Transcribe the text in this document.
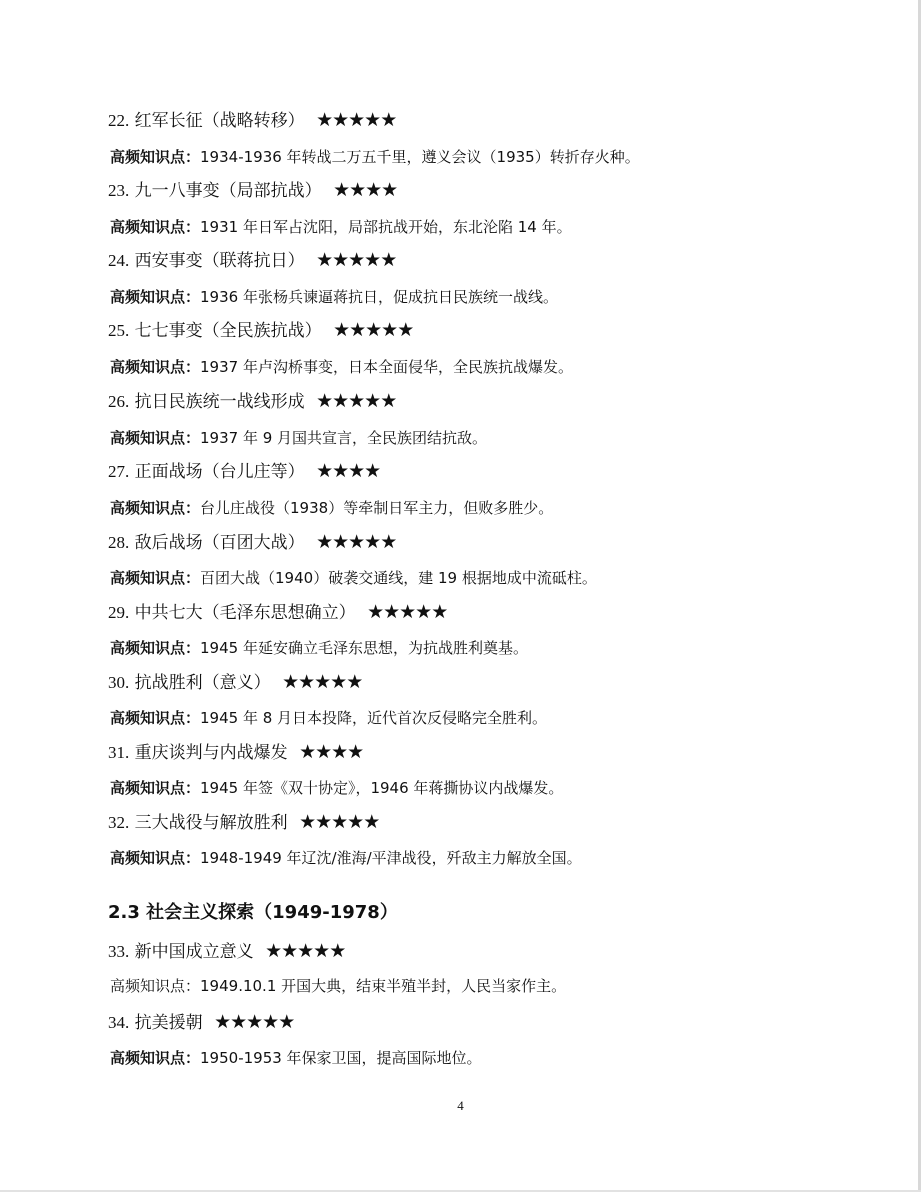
22. 红军长征（战略转移） ★★★★★
高频知识点：1934-1936 年转战二万五千里，遵义会议（1935）转折存火种。
23. 九一八事变（局部抗战） ★★★★
高频知识点：1931 年日军占沈阳，局部抗战开始，东北沦陷 14 年。
24. 西安事变（联蒋抗日） ★★★★★
高频知识点：1936 年张杨兵谏逼蒋抗日，促成抗日民族统一战线。
25. 七七事变（全民族抗战） ★★★★★
高频知识点：1937 年卢沟桥事变，日本全面侵华，全民族抗战爆发。
26. 抗日民族统一战线形成 ★★★★★
高频知识点：1937 年 9 月国共宣言，全民族团结抗敌。
27. 正面战场（台儿庄等） ★★★★
高频知识点：台儿庄战役（1938）等牵制日军主力，但败多胜少。
28. 敌后战场（百团大战） ★★★★★
高频知识点：百团大战（1940）破袭交通线，建 19 根据地成中流砥柱。
29. 中共七大（毛泽东思想确立） ★★★★★
高频知识点：1945 年延安确立毛泽东思想，为抗战胜利奠基。
30. 抗战胜利（意义） ★★★★★
高频知识点：1945 年 8 月日本投降，近代首次反侵略完全胜利。
31. 重庆谈判与内战爆发 ★★★★
高频知识点：1945 年签《双十协定》，1946 年蒋撕协议内战爆发。
32. 三大战役与解放胜利 ★★★★★
高频知识点：1948-1949 年辽沈/淮海/平津战役，歼敌主力解放全国。
2.3 社会主义探索（1949-1978）
33. 新中国成立意义 ★★★★★
高频知识点：1949.10.1 开国大典，结束半殖半封，人民当家作主。
34. 抗美援朝 ★★★★★
高频知识点：1950-1953 年保家卫国，提高国际地位。
4
